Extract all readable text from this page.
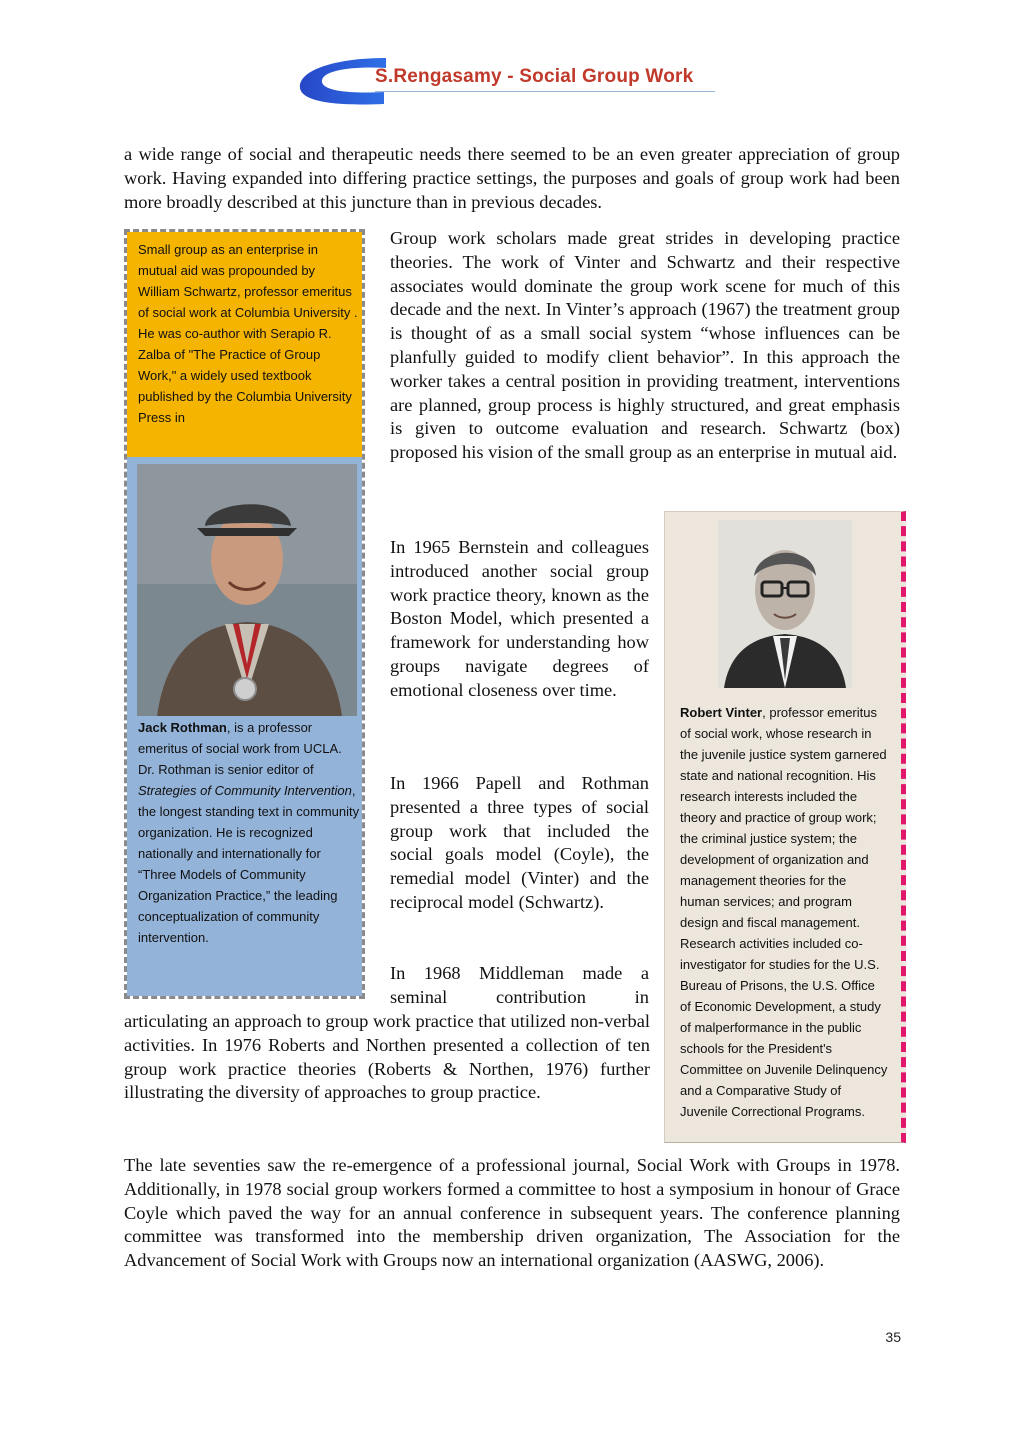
S.Rengasamy - Social Group Work

a wide range of social and therapeutic needs there seemed to be an even greater appreciation of group work. Having expanded into differing practice settings, the purposes and goals of group work had been more broadly described at this juncture than in previous decades.

Small group as an enterprise in mutual aid was propounded by William Schwartz, professor emeritus of social work at Columbia University . He was co-author with Serapio R. Zalba of "The Practice of Group Work," a widely used textbook published by the Columbia University Press in

Jack Rothman, is a professor emeritus of social work from UCLA. Dr. Rothman is senior editor of Strategies of Community Intervention, the longest standing text in community organization. He is recognized nationally and internationally for “Three Models of Community Organization Practice,” the leading conceptualization of community intervention.

Group work scholars made great strides in developing practice theories. The work of Vinter and Schwartz and their respective associates would dominate the group work scene for much of this decade and the next. In Vinter’s approach (1967) the treatment group is thought of as a small social system “whose influences can be planfully guided to modify client behavior”. In this approach the worker takes a central position in providing treatment, interventions are planned, group process is highly structured, and great emphasis is given to outcome evaluation and research. Schwartz (box) proposed his vision of the small group as an enterprise in mutual aid.

In 1965 Bernstein and colleagues introduced another social group work practice theory, known as the Boston Model, which presented a framework for understanding how groups navigate degrees of emotional closeness over time.

In 1966 Papell and Rothman presented a three types of social group work that included the social goals model (Coyle), the remedial model (Vinter) and the reciprocal model (Schwartz).

In 1968 Middleman made a seminal contribution in

articulating an approach to group work practice that utilized non-verbal activities. In 1976 Roberts and Northen presented a collection of ten group work practice theories (Roberts & Northen, 1976) further illustrating the diversity of approaches to group practice.

Robert Vinter, professor emeritus of social work, whose research in the juvenile justice system garnered state and national recognition. His research interests included the theory and practice of group work; the criminal justice system; the development of organization and management theories for the human services; and program design and fiscal management. Research activities included co-investigator for studies for the U.S. Bureau of Prisons, the U.S. Office of Economic Development, a study of malperformance in the public schools for the President's Committee on Juvenile Delinquency and a Comparative Study of Juvenile Correctional Programs.

The late seventies saw the re-emergence of a professional journal, Social Work with Groups in 1978. Additionally, in 1978 social group workers formed a committee to host a symposium in honour of Grace Coyle which paved the way for an annual conference in subsequent years. The conference planning committee was transformed into the membership driven organization, The Association for the Advancement of Social Work with Groups now an international organization (AASWG, 2006).

35
